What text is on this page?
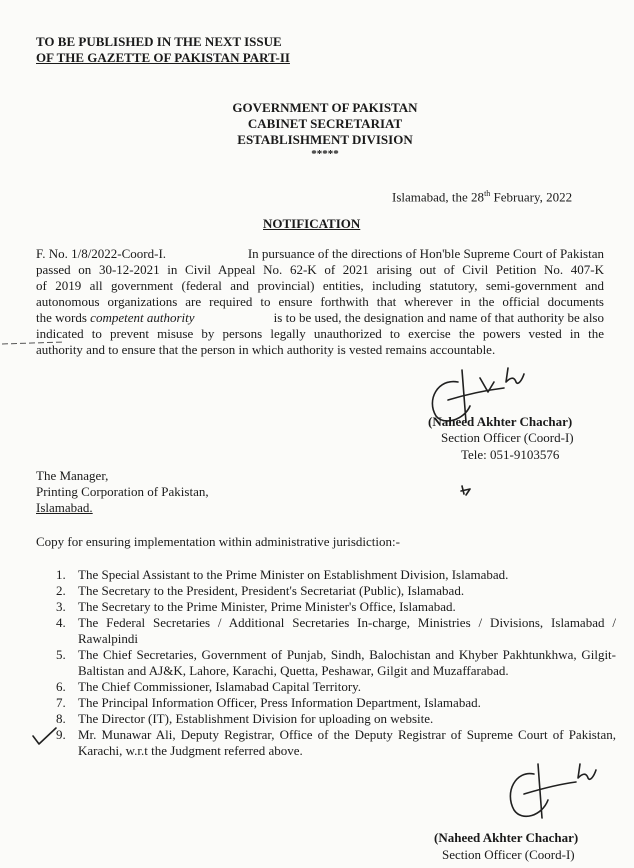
TO BE PUBLISHED IN THE NEXT ISSUE
OF THE GAZETTE OF PAKISTAN PART-II
GOVERNMENT OF PAKISTAN
CABINET SECRETARIAT
ESTABLISHMENT DIVISION
*****
Islamabad, the 28th February, 2022
NOTIFICATION
F. No. 1/8/2022-Coord-I.	In pursuance of the directions of Hon'ble Supreme Court of Pakistan
passed on 30-12-2021 in Civil Appeal No. 62-K of 2021 arising out of Civil Petition No. 407-K
of 2019 all government (federal and provincial) entities, including statutory, semi-government and
autonomous organizations are required to ensure forthwith that wherever in the official documents
the words competent authority	is to be used, the designation and name of that authority be also
indicated to prevent misuse by persons legally unauthorized to exercise the powers vested in the
authority and to ensure that the person in which authority is vested remains accountable.
(Naheed Akhter Chachar)
Section Officer (Coord-I)
Tele: 051-9103576
The Manager,
Printing Corporation of Pakistan,
Islamabad.
Copy for ensuring implementation within administrative jurisdiction:-
1. The Special Assistant to the Prime Minister on Establishment Division, Islamabad.
2. The Secretary to the President, President's Secretariat (Public), Islamabad.
3. The Secretary to the Prime Minister, Prime Minister's Office, Islamabad.
4. The Federal Secretaries / Additional Secretaries In-charge, Ministries / Divisions, Islamabad / Rawalpindi
5. The Chief Secretaries, Government of Punjab, Sindh, Balochistan and Khyber Pakhtunkhwa, Gilgit- Baltistan and AJ&K, Lahore, Karachi, Quetta, Peshawar, Gilgit and Muzaffarabad.
6. The Chief Commissioner, Islamabad Capital Territory.
7. The Principal Information Officer, Press Information Department, Islamabad.
8. The Director (IT), Establishment Division for uploading on website.
9. Mr. Munawar Ali, Deputy Registrar, Office of the Deputy Registrar of Supreme Court of Pakistan, Karachi, w.r.t the Judgment referred above.
(Naheed Akhter Chachar)
Section Officer (Coord-I)
